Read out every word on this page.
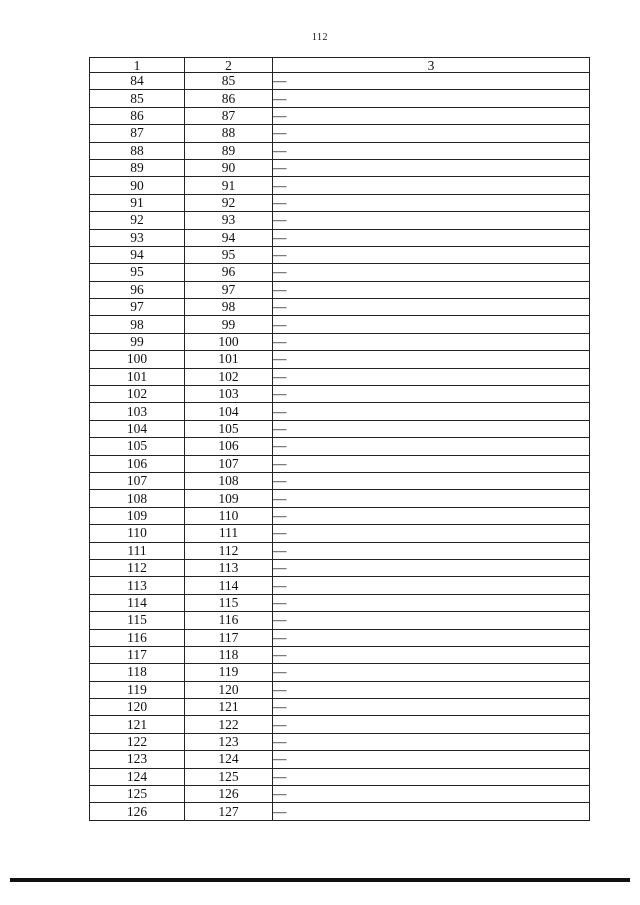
112
1	2	3
84	85	—
85	86	—
86	87	—
87	88	—
88	89	—
89	90	—
90	91	—
91	92	—
92	93	—
93	94	—
94	95	—
95	96	—
96	97	—
97	98	—
98	99	—
99	100	—
100	101	—
101	102	—
102	103	—
103	104	—
104	105	—
105	106	—
106	107	—
107	108	—
108	109	—
109	110	—
110	111	—
111	112	—
112	113	—
113	114	—
114	115	—
115	116	—
116	117	—
117	118	—
118	119	—
119	120	—
120	121	—
121	122	—
122	123	—
123	124	—
124	125	—
125	126	—
126	127	—
